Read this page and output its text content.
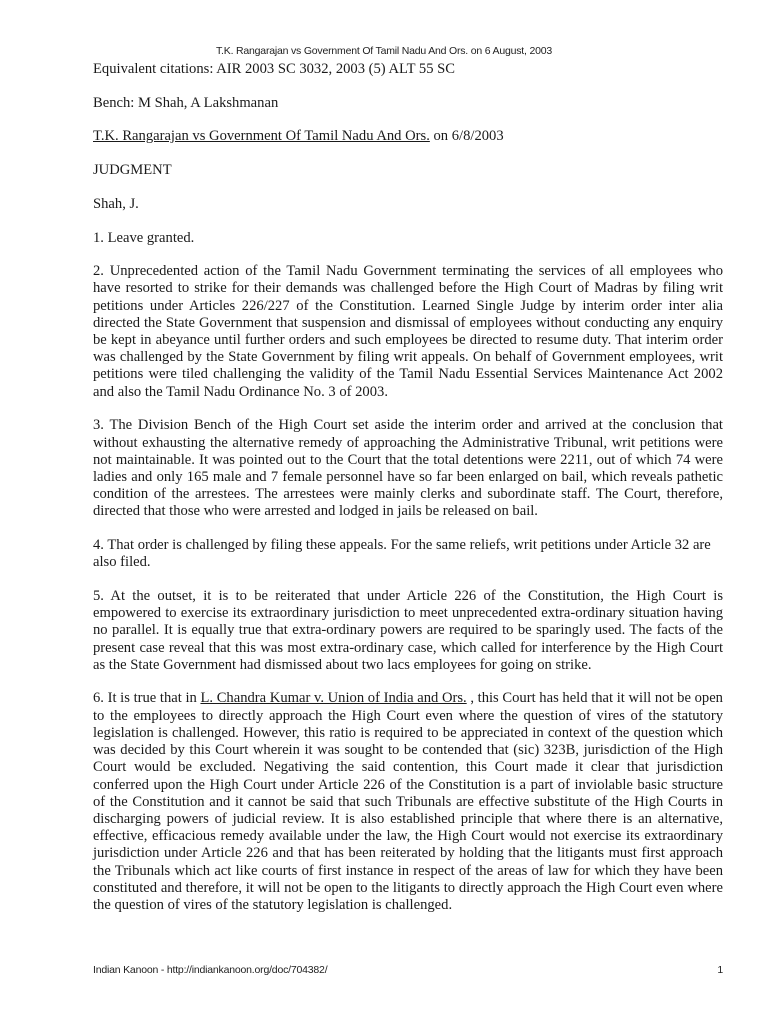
T.K. Rangarajan vs Government Of Tamil Nadu And Ors. on 6 August, 2003

Equivalent citations: AIR 2003 SC 3032, 2003 (5) ALT 55 SC

Bench: M Shah, A Lakshmanan

T.K. Rangarajan vs Government Of Tamil Nadu And Ors. on 6/8/2003

JUDGMENT

Shah, J.

1. Leave granted.

2. Unprecedented action of the Tamil Nadu Government terminating the services of all employees who have resorted to strike for their demands was challenged before the High Court of Madras by filing writ petitions under Articles 226/227 of the Constitution. Learned Single Judge by interim order inter alia directed the State Government that suspension and dismissal of employees without conducting any enquiry be kept in abeyance until further orders and such employees be directed to resume duty. That interim order was challenged by the State Government by filing writ appeals. On behalf of Government employees, writ petitions were tiled challenging the validity of the Tamil Nadu Essential Services Maintenance Act 2002 and also the Tamil Nadu Ordinance No. 3 of 2003.

3. The Division Bench of the High Court set aside the interim order and arrived at the conclusion that without exhausting the alternative remedy of approaching the Administrative Tribunal, writ petitions were not maintainable. It was pointed out to the Court that the total detentions were 2211, out of which 74 were ladies and only 165 male and 7 female personnel have so far been enlarged on bail, which reveals pathetic condition of the arrestees. The arrestees were mainly clerks and subordinate staff. The Court, therefore, directed that those who were arrested and lodged in jails be released on bail.

4. That order is challenged by filing these appeals. For the same reliefs, writ petitions under Article 32 are also filed.

5. At the outset, it is to be reiterated that under Article 226 of the Constitution, the High Court is empowered to exercise its extraordinary jurisdiction to meet unprecedented extra-ordinary situation having no parallel. It is equally true that extra-ordinary powers are required to be sparingly used. The facts of the present case reveal that this was most extra-ordinary case, which called for interference by the High Court as the State Government had dismissed about two lacs employees for going on strike.

6. It is true that in L. Chandra Kumar v. Union of India and Ors. , this Court has held that it will not be open to the employees to directly approach the High Court even where the question of vires of the statutory legislation is challenged. However, this ratio is required to be appreciated in context of the question which was decided by this Court wherein it was sought to be contended that (sic) 323B, jurisdiction of the High Court would be excluded. Negativing the said contention, this Court made it clear that jurisdiction conferred upon the High Court under Article 226 of the Constitution is a part of inviolable basic structure of the Constitution and it cannot be said that such Tribunals are effective substitute of the High Courts in discharging powers of judicial review. It is also established principle that where there is an alternative, effective, efficacious remedy available under the law, the High Court would not exercise its extraordinary jurisdiction under Article 226 and that has been reiterated by holding that the litigants must first approach the Tribunals which act like courts of first instance in respect of the areas of law for which they have been constituted and therefore, it will not be open to the litigants to directly approach the High Court even where the question of vires of the statutory legislation is challenged.

Indian Kanoon - http://indiankanoon.org/doc/704382/	1
